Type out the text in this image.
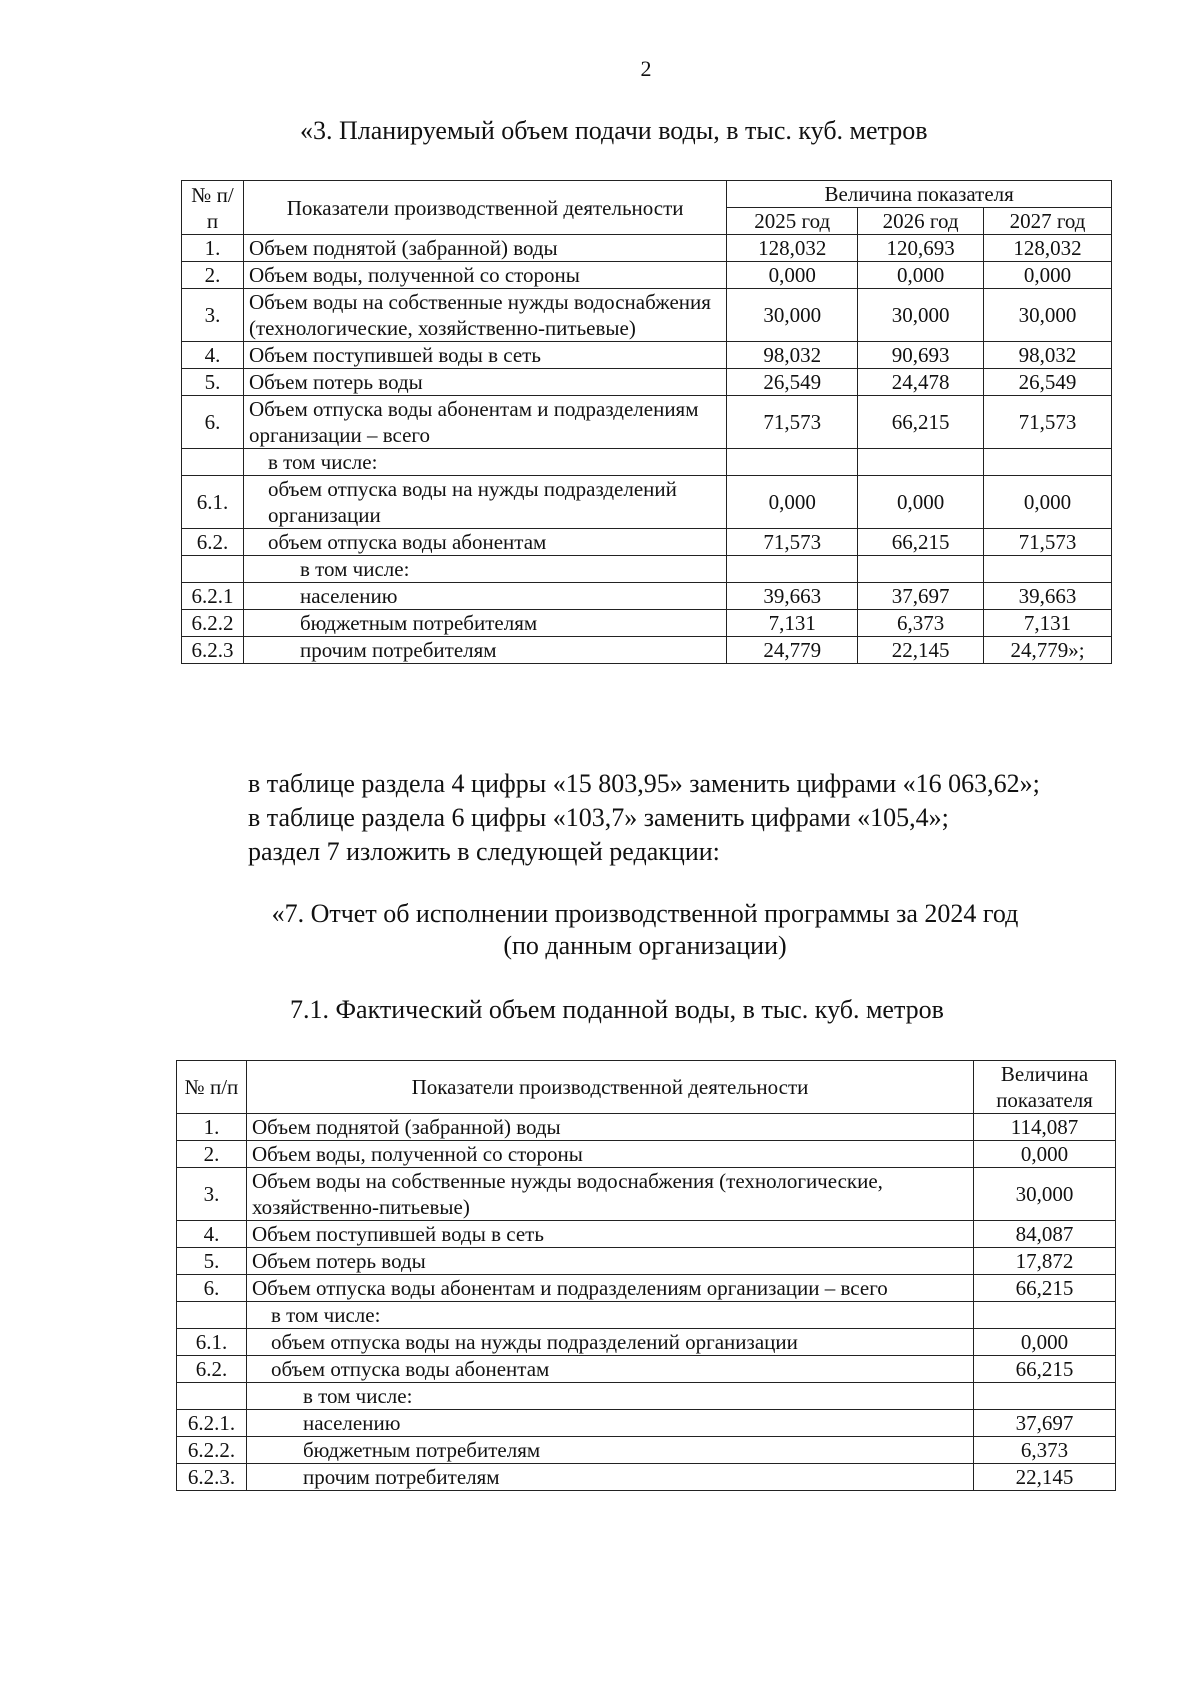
2
«3. Планируемый объем подачи воды, в тыс. куб. метров
№ п/п	Показатели производственной деятельности	Величина показателя		
		2025 год	2026 год	2027 год
1.	Объем поднятой (забранной) воды	128,032	120,693	128,032
2.	Объем воды, полученной со стороны	0,000	0,000	0,000
3.	Объем воды на собственные нужды водоснабжения (технологические, хозяйственно-питьевые)	30,000	30,000	30,000
4.	Объем поступившей воды в сеть	98,032	90,693	98,032
5.	Объем потерь воды	26,549	24,478	26,549
6.	Объем отпуска воды абонентам и подразделениям организации – всего	71,573	66,215	71,573
	в том числе:			
6.1.	объем отпуска воды на нужды подразделений организации	0,000	0,000	0,000
6.2.	объем отпуска воды абонентам	71,573	66,215	71,573
	в том числе:			
6.2.1	населению	39,663	37,697	39,663
6.2.2	бюджетным потребителям	7,131	6,373	7,131
6.2.3	прочим потребителям	24,779	22,145	24,779»;
в таблице раздела 4 цифры «15 803,95» заменить цифрами «16 063,62»;
в таблице раздела 6 цифры «103,7» заменить цифрами «105,4»;
раздел 7 изложить в следующей редакции:
«7. Отчет об исполнении производственной программы за 2024 год
(по данным организации)
7.1. Фактический объем поданной воды, в тыс. куб. метров
№ п/п	Показатели производственной деятельности	Величина показателя
1.	Объем поднятой (забранной) воды	114,087
2.	Объем воды, полученной со стороны	0,000
3.	Объем воды на собственные нужды водоснабжения (технологические, хозяйственно-питьевые)	30,000
4.	Объем поступившей воды в сеть	84,087
5.	Объем потерь воды	17,872
6.	Объем отпуска воды абонентам и подразделениям организации – всего	66,215
	в том числе:	
6.1.	объем отпуска воды на нужды подразделений организации	0,000
6.2.	объем отпуска воды абонентам	66,215
	в том числе:	
6.2.1.	населению	37,697
6.2.2.	бюджетным потребителям	6,373
6.2.3.	прочим потребителям	22,145
